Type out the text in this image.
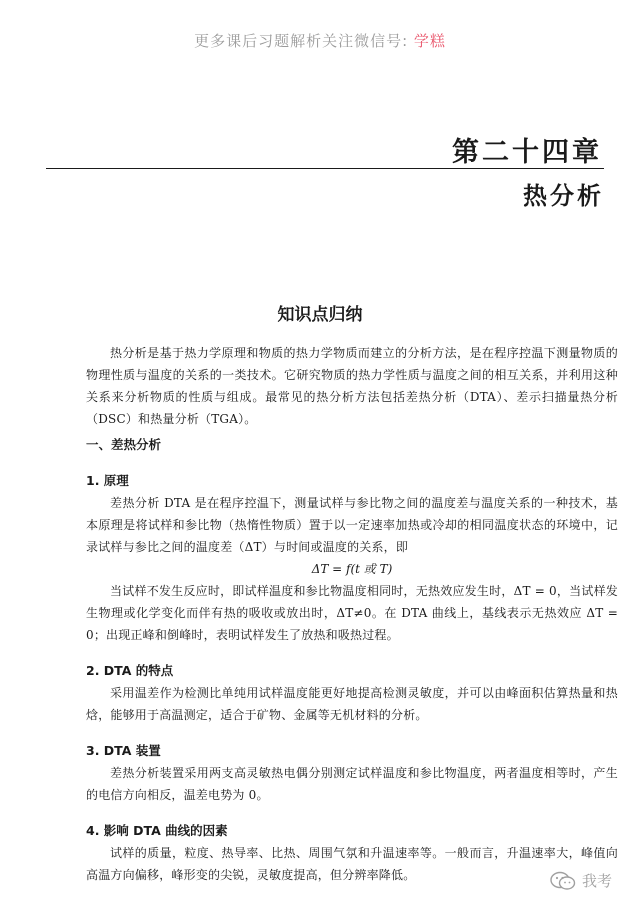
更多课后习题解析关注微信号: 学糕
第二十四章
热分析
知识点归纳

热分析是基于热力学原理和物质的热力学物质而建立的分析方法，是在程序控温下测量物质的物理性质与温度的关系的一类技术。它研究物质的热力学性质与温度之间的相互关系，并利用这种关系来分析物质的性质与组成。最常见的热分析方法包括差热分析（DTA）、差示扫描量热分析（DSC）和热量分析（TGA）。

一、差热分析

1. 原理

差热分析 DTA 是在程序控温下，测量试样与参比物之间的温度差与温度关系的一种技术，基本原理是将试样和参比物（热惰性物质）置于以一定速率加热或冷却的相同温度状态的环境中，记录试样与参比之间的温度差（ΔT）与时间或温度的关系，即

ΔT = f(t 或 T)

当试样不发生反应时，即试样温度和参比物温度相同时，无热效应发生时，ΔT = 0，当试样发生物理或化学变化而伴有热的吸收或放出时，ΔT≠0。在 DTA 曲线上，基线表示无热效应 ΔT = 0；出现正峰和倒峰时，表明试样发生了放热和吸热过程。

2. DTA 的特点

采用温差作为检测比单纯用试样温度能更好地提高检测灵敏度，并可以由峰面积估算热量和热焓，能够用于高温测定，适合于矿物、金属等无机材料的分析。

3. DTA 装置

差热分析装置采用两支高灵敏热电偶分别测定试样温度和参比物温度，两者温度相等时，产生的电信方向相反，温差电势为 0。

4. 影响 DTA 曲线的因素

试样的质量，粒度、热导率、比热、周围气氛和升温速率等。一般而言，升温速率大，峰值向高温方向偏移，峰形变的尖锐，灵敏度提高，但分辨率降低。	我考
